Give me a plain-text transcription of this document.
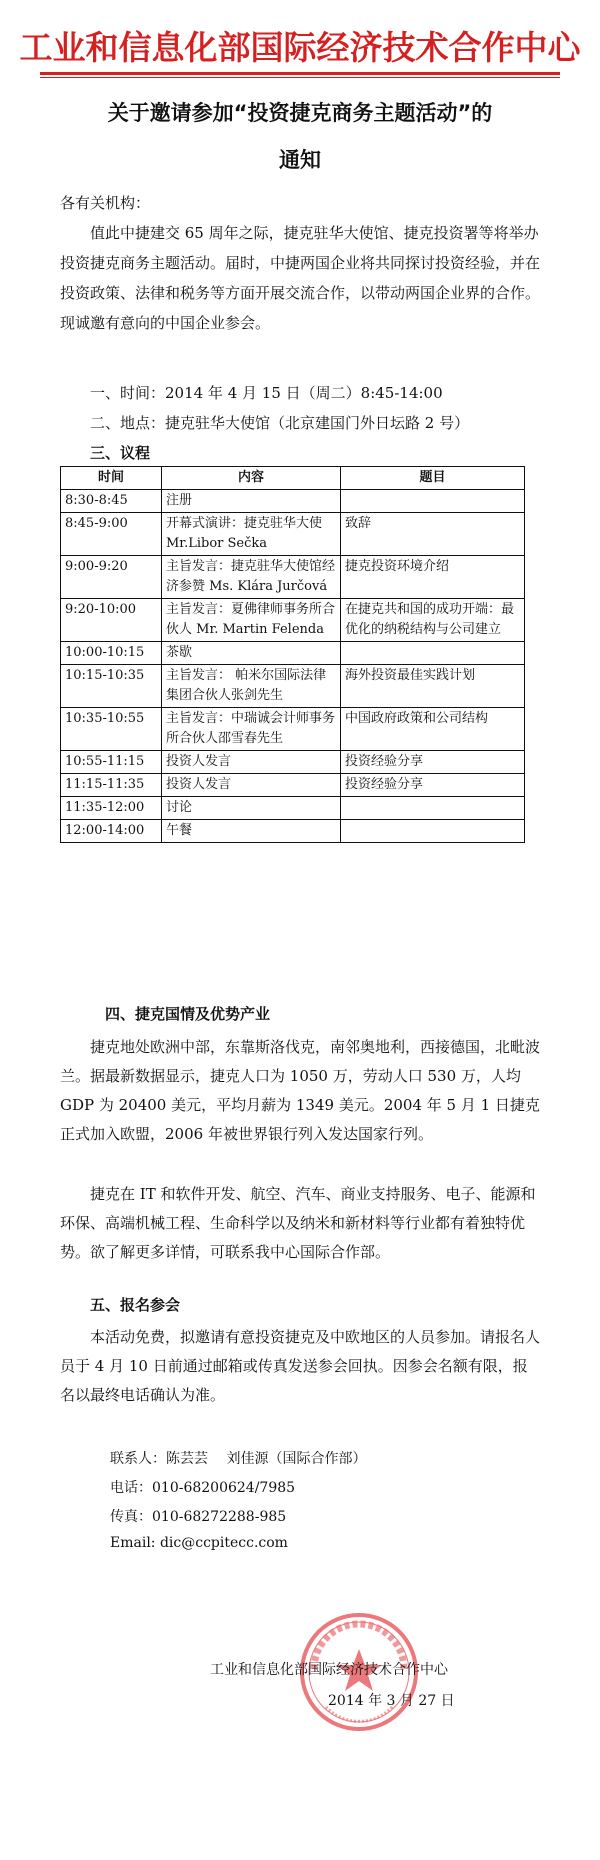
工业和信息化部国际经济技术合作中心
关于邀请参加“投资捷克商务主题活动”的
通知

各有关机构：

值此中捷建交 65 周年之际，捷克驻华大使馆、捷克投资署等将举办投资捷克商务主题活动。届时，中捷两国企业将共同探讨投资经验，并在投资政策、法律和税务等方面开展交流合作，以带动两国企业界的合作。现诚邀有意向的中国企业参会。

一、时间：2014 年 4 月 15 日（周二）8:45-14:00

二、地点：捷克驻华大使馆（北京建国门外日坛路 2 号）

三、议程
时间	内容	题目
8:30-8:45	注册	
8:45-9:00	开幕式演讲：捷克驻华大使 Mr.Libor Sečka	致辞
9:00-9:20	主旨发言：捷克驻华大使馆经济参赞 Ms. Klára Jurčová	捷克投资环境介绍
9:20-10:00	主旨发言：夏佛律师事务所合伙人 Mr. Martin Felenda	在捷克共和国的成功开端：最优化的纳税结构与公司建立
10:00-10:15	茶歇	
10:15-10:35	主旨发言： 帕米尔国际法律集团合伙人张剑先生	海外投资最佳实践计划
10:35-10:55	主旨发言：中瑞诚会计师事务所合伙人邵雪春先生	中国政府政策和公司结构
10:55-11:15	投资人发言	投资经验分享
11:15-11:35	投资人发言	投资经验分享
11:35-12:00	讨论	
12:00-14:00	午餐	
四、捷克国情及优势产业

捷克地处欧洲中部，东靠斯洛伐克，南邻奥地利，西接德国，北毗波兰。据最新数据显示，捷克人口为 1050 万，劳动人口 530 万，人均 GDP 为 20400 美元，平均月薪为 1349 美元。2004 年 5 月 1 日捷克正式加入欧盟，2006 年被世界银行列入发达国家行列。

捷克在 IT 和软件开发、航空、汽车、商业支持服务、电子、能源和环保、高端机械工程、生命科学以及纳米和新材料等行业都有着独特优势。欲了解更多详情，可联系我中心国际合作部。

五、报名参会

本活动免费，拟邀请有意投资捷克及中欧地区的人员参加。请报名人员于 4 月 10 日前通过邮箱或传真发送参会回执。因参会名额有限，报名以最终电话确认为准。

联系人：陈芸芸　 刘佳源（国际合作部）
电话：010-68200624/7985
传真：010-68272288-985
Email: dic@ccpitecc.com
工业和信息化部国际经济技术合作中心
2014 年 3 月 27 日
